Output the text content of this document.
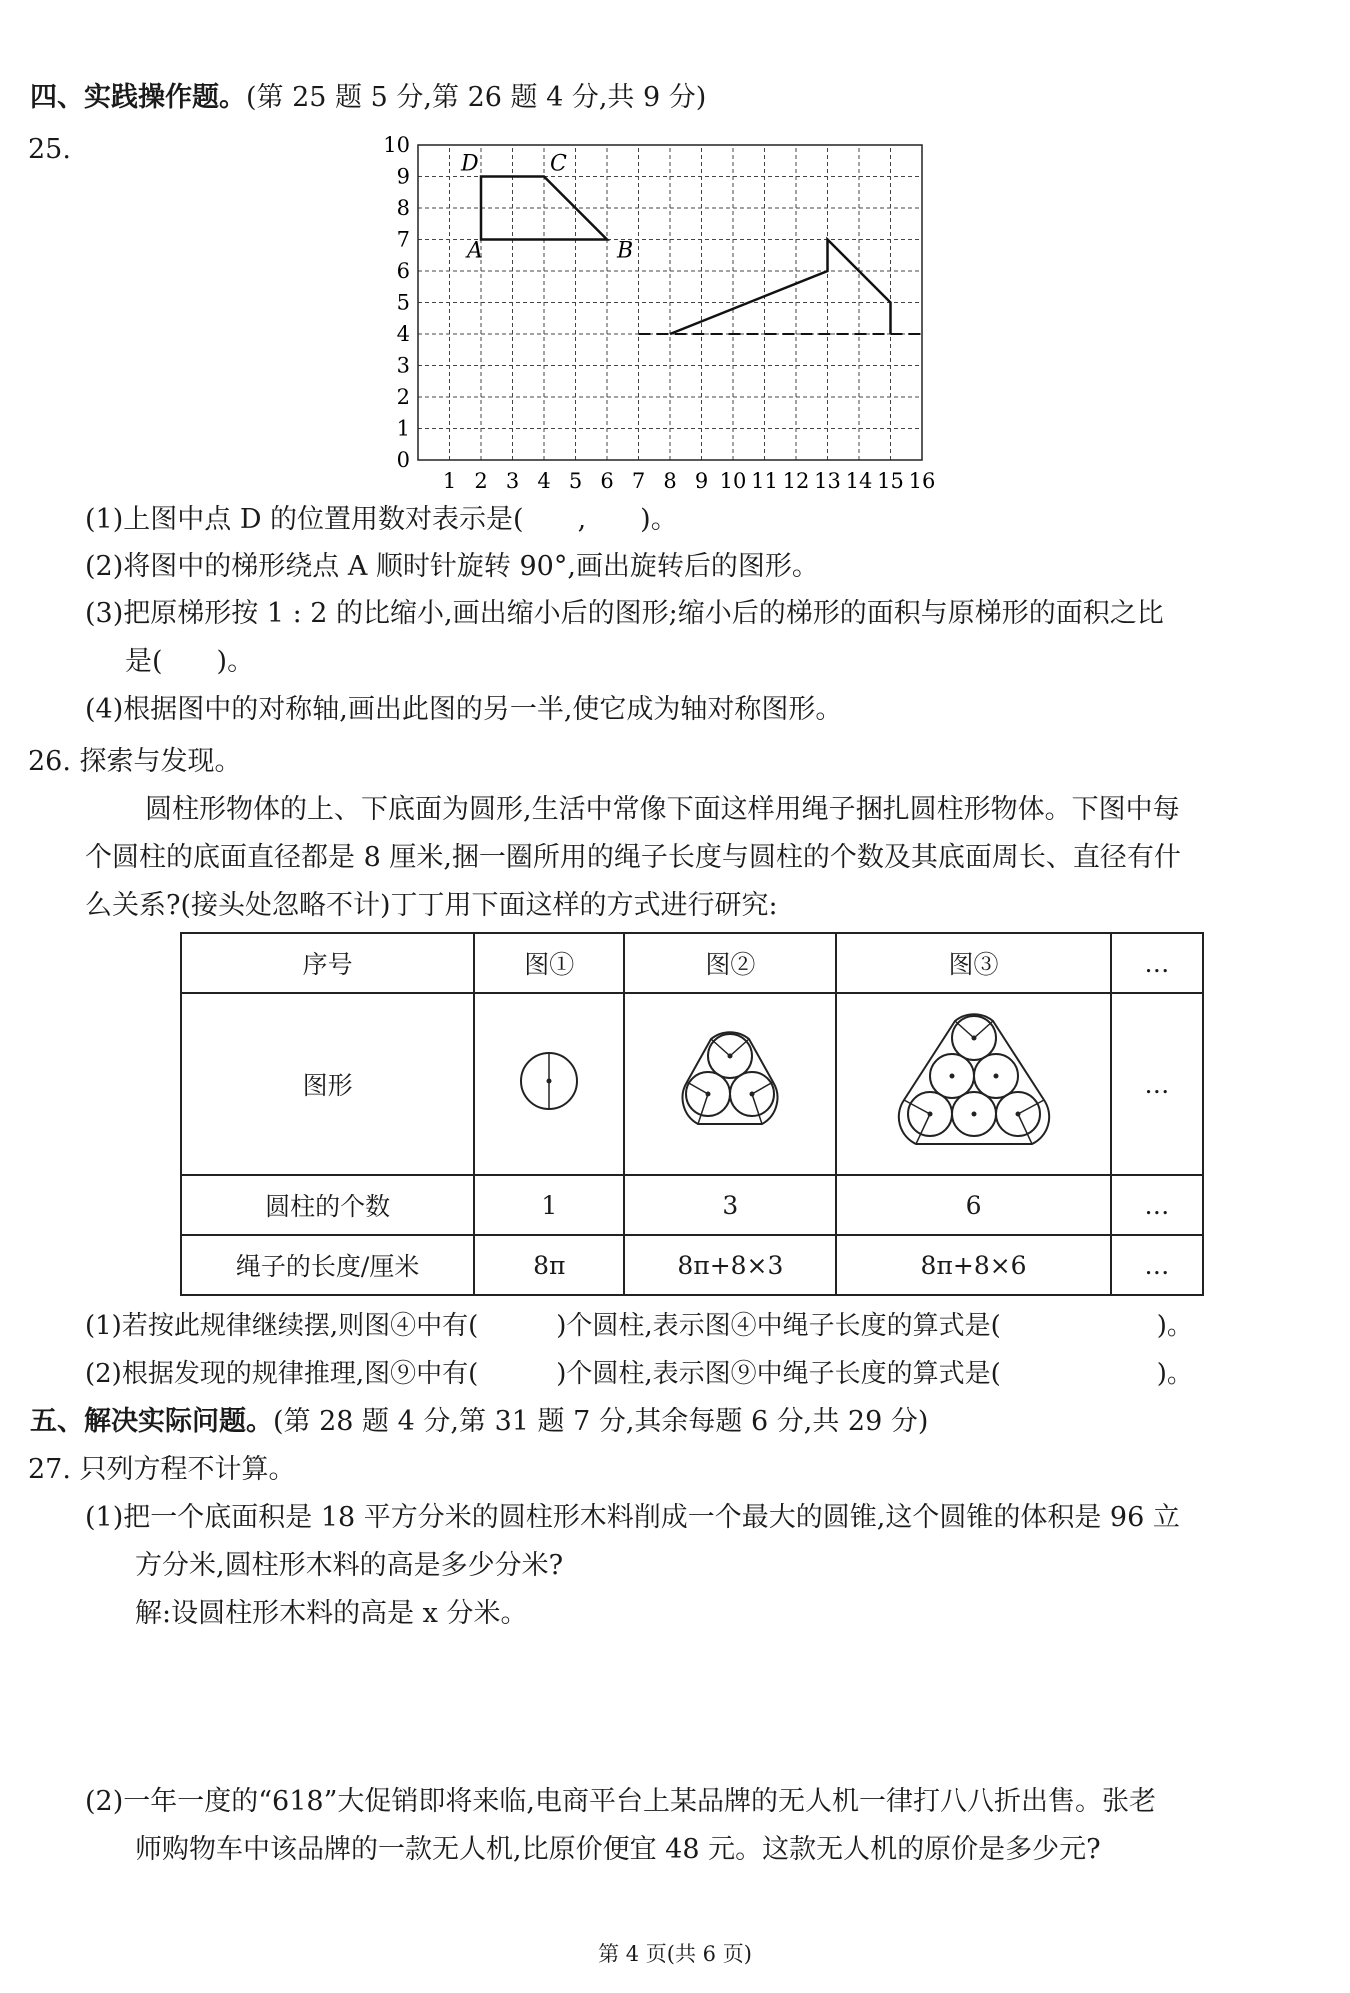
四、实践操作题。(第 25 题 5 分,第 26 题 4 分,共 9 分)
25.
1 2 3 4 5 6 7 8 9 10 11 12 13 14 15 16
0
1
2
3
4
5
6
7
8
9
10
A	B
C
D
(1)上图中点 D 的位置用数对表示是(　　,　　)。
(2)将图中的梯形绕点 A 顺时针旋转 90°,画出旋转后的图形。
(3)把原梯形按 1 : 2 的比缩小,画出缩小后的图形;缩小后的梯形的面积与原梯形的面积之比
是(　　)。
(4)根据图中的对称轴,画出此图的另一半,使它成为轴对称图形。
26. 探索与发现。
圆柱形物体的上、下底面为圆形,生活中常像下面这样用绳子捆扎圆柱形物体。下图中每
个圆柱的底面直径都是 8 厘米,捆一圈所用的绳子长度与圆柱的个数及其底面周长、直径有什
么关系?(接头处忽略不计)丁丁用下面这样的方式进行研究:
序号	图①	图②	图③	…
图形				…
圆柱的个数	1	3	6	…
绳子的长度/厘米	8π	8π+8×3	8π+8×6	…
(1)若按此规律继续摆,则图④中有(　　　)个圆柱,表示图④中绳子长度的算式是(　　　　　　)。
(2)根据发现的规律推理,图⑨中有(　　　)个圆柱,表示图⑨中绳子长度的算式是(　　　　　　)。
五、解决实际问题。(第 28 题 4 分,第 31 题 7 分,其余每题 6 分,共 29 分)
27. 只列方程不计算。
(1)把一个底面积是 18 平方分米的圆柱形木料削成一个最大的圆锥,这个圆锥的体积是 96 立
方分米,圆柱形木料的高是多少分米?
解:设圆柱形木料的高是 x 分米。
(2)一年一度的“618”大促销即将来临,电商平台上某品牌的无人机一律打八八折出售。张老
师购物车中该品牌的一款无人机,比原价便宜 48 元。这款无人机的原价是多少元?
第 4 页(共 6 页)
